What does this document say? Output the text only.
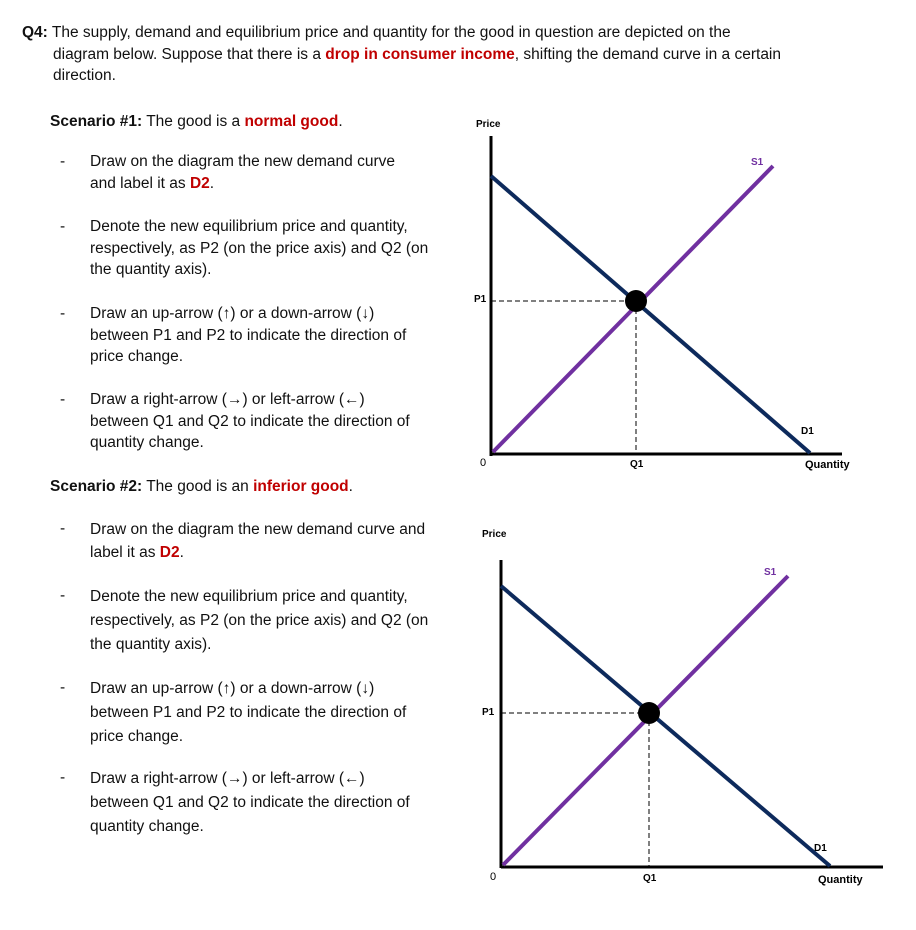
Q4: The supply, demand and equilibrium price and quantity for the good in question are depicted on the
diagram below. Suppose that there is a drop in consumer income, shifting the demand curve in a certain
direction.
Scenario #1: The good is a normal good.
- Draw on the diagram the new demand curve
and label it as D2.
- Denote the new equilibrium price and quantity,
respectively, as P2 (on the price axis) and Q2 (on
the quantity axis).
- Draw an up-arrow (↑) or a down-arrow (↓)
between P1 and P2 to indicate the direction of
price change.
- Draw a right-arrow (→) or left-arrow (←)
between Q1 and Q2 to indicate the direction of
quantity change.
Scenario #2: The good is an inferior good.
- Draw on the diagram the new demand curve and
label it as D2.
- Denote the new equilibrium price and quantity,
respectively, as P2 (on the price axis) and Q2 (on
the quantity axis).
- Draw an up-arrow (↑) or a down-arrow (↓)
between P1 and P2 to indicate the direction of
price change.
- Draw a right-arrow (→) or left-arrow (←)
between Q1 and Q2 to indicate the direction of
quantity change.
Price
P1
0	Q1	Quantity
S1
D1
Price
P1
0	Q1	Quantity
S1
D1
